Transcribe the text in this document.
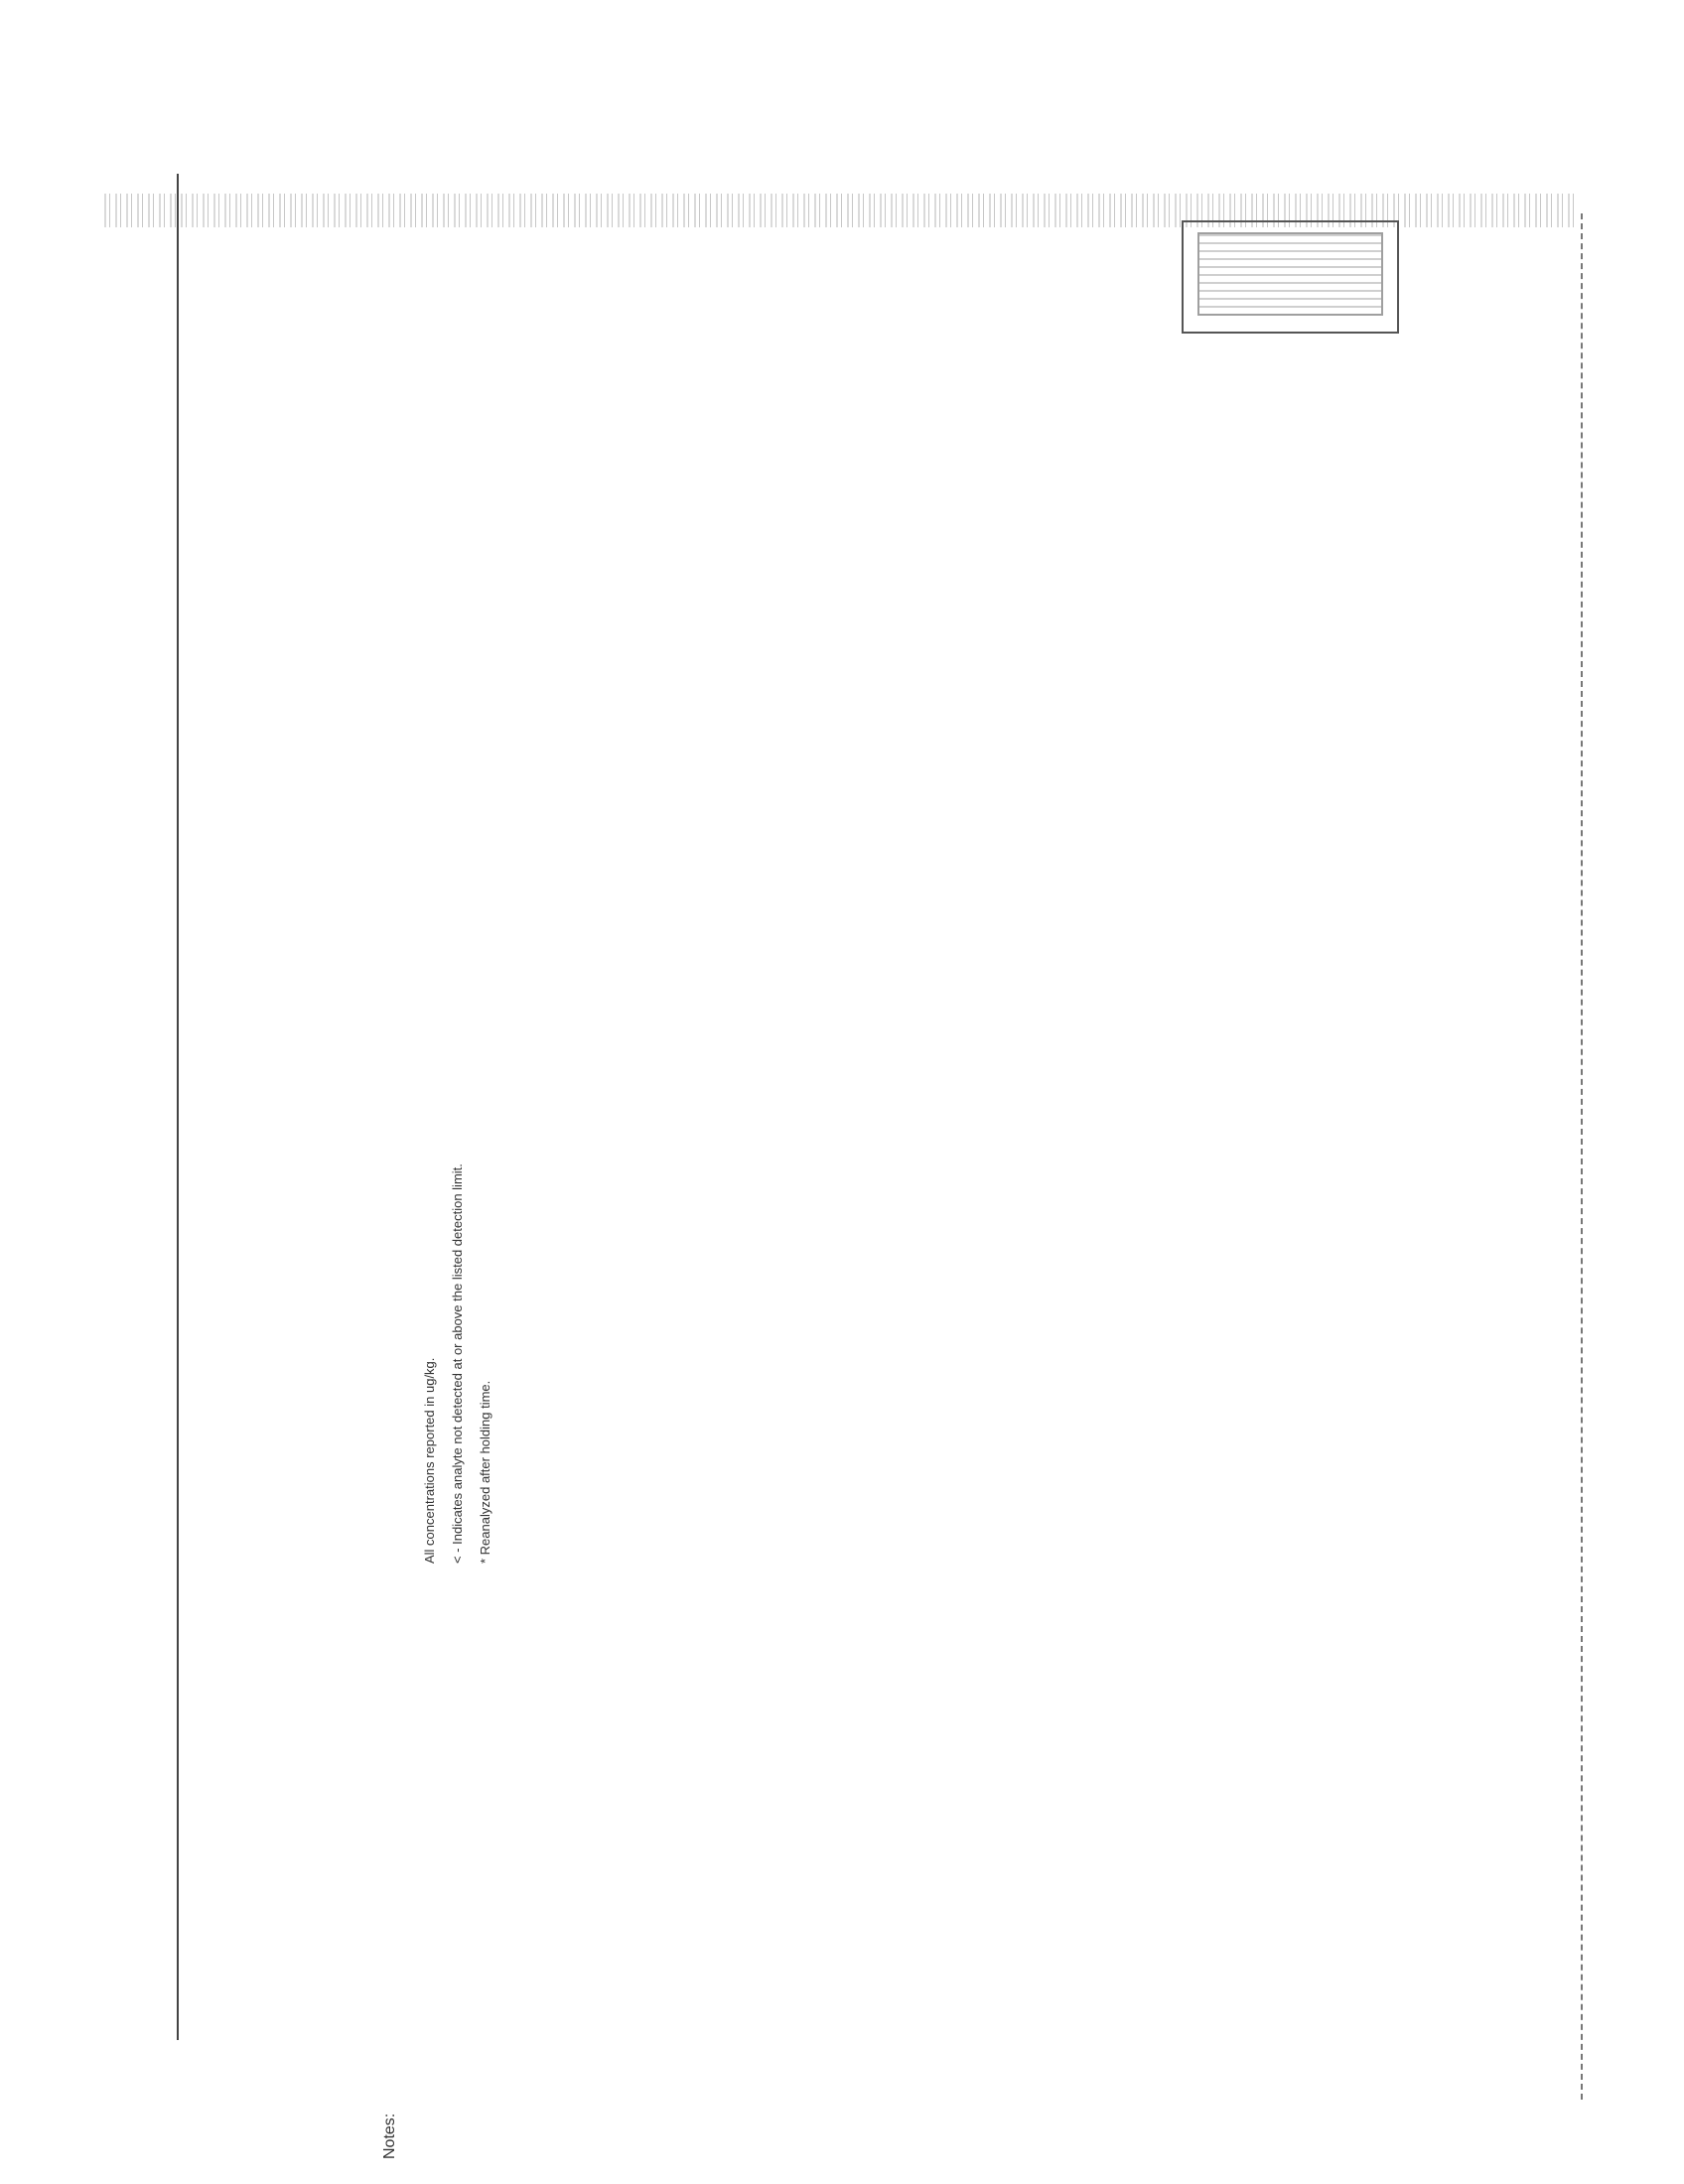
Notes:
All concentrations reported in ug/kg.	< - Indicates analyte not detected at or above the listed detection limit.	* Reanalyzed after holding time.
